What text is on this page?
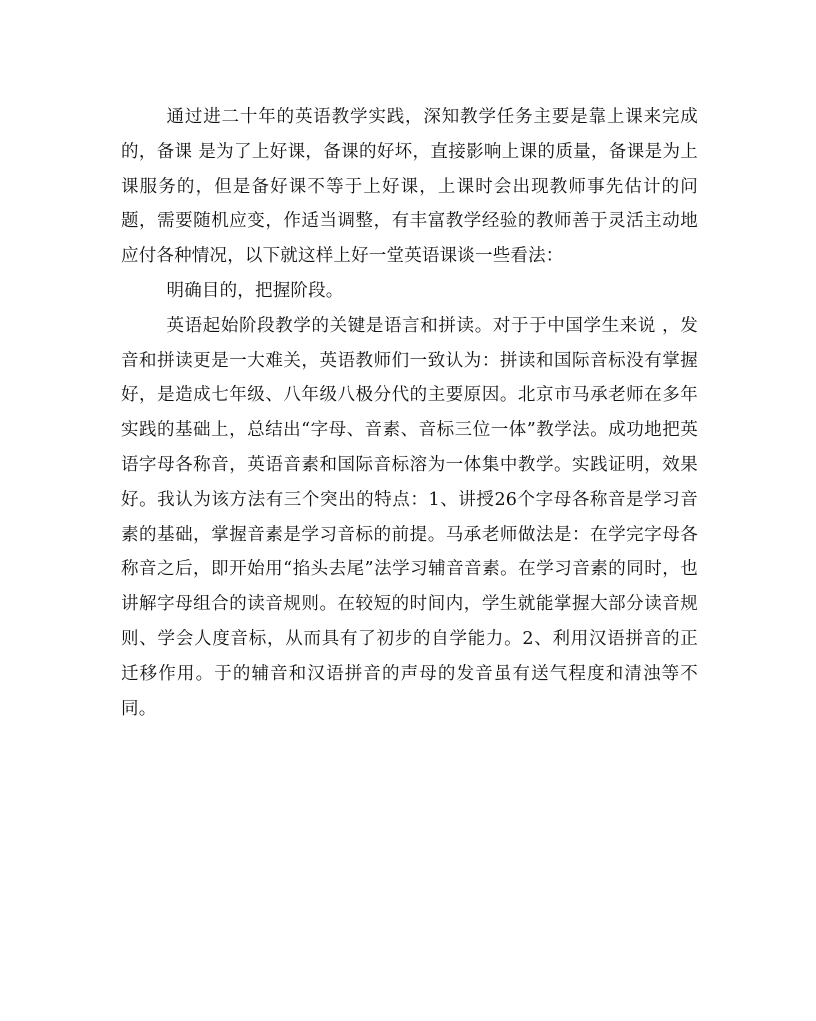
通过进二十年的英语教学实践，深知教学任务主要是靠上课来完成的，备课 是为了上好课，备课的好坏，直接影响上课的质量，备课是为上课服务的，但是备好课不等于上好课，上课时会出现教师事先估计的问题，需要随机应变，作适当调整，有丰富教学经验的教师善于灵活主动地应付各种情况，以下就这样上好一堂英语课谈一些看法：

明确目的，把握阶段。

英语起始阶段教学的关键是语言和拼读。对于于中国学生来说 ，发音和拼读更是一大难关，英语教师们一致认为：拼读和国际音标没有掌握好，是造成七年级、八年级八极分代的主要原因。北京市马承老师在多年实践的基础上，总结出“字母、音素、音标三位一体”教学法。成功地把英语字母各称音，英语音素和国际音标溶为一体集中教学。实践证明，效果好。我认为该方法有三个突出的特点：1、讲授26个字母各称音是学习音素的基础，掌握音素是学习音标的前提。马承老师做法是：在学完字母各称音之后，即开始用“掐头去尾”法学习辅音音素。在学习音素的同时，也讲解字母组合的读音规则。在较短的时间内，学生就能掌握大部分读音规则、学会人度音标，从而具有了初步的自学能力。2、利用汉语拼音的正迁移作用。于的辅音和汉语拼音的声母的发音虽有送气程度和清浊等不同。
